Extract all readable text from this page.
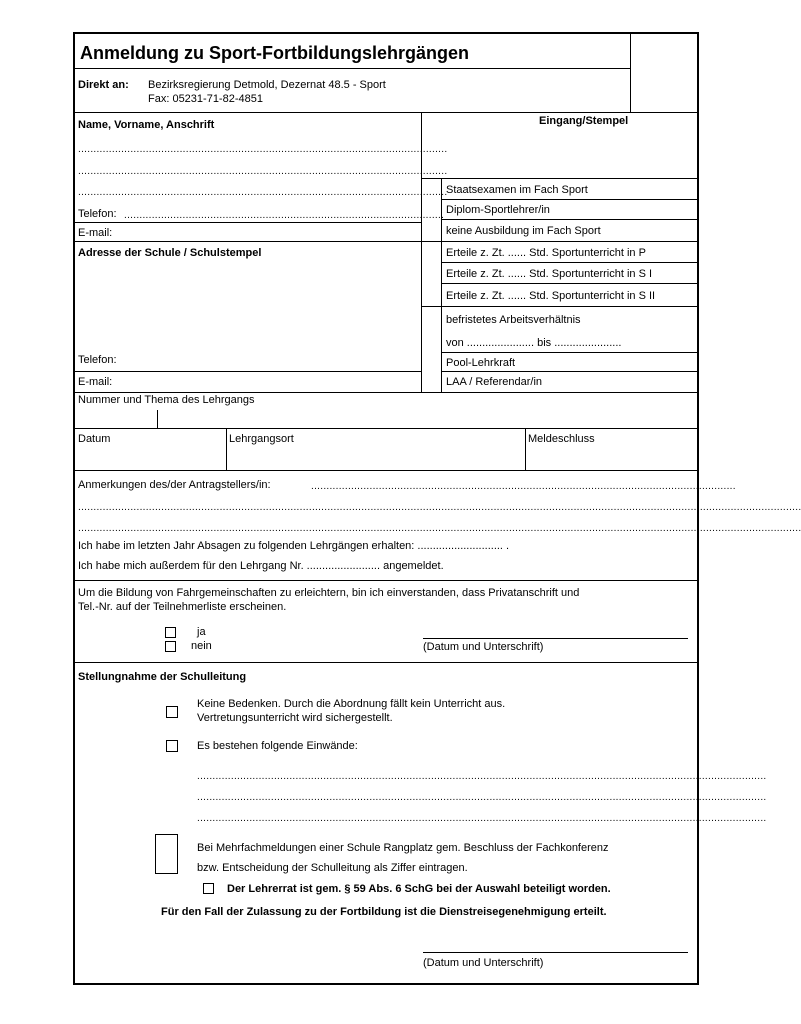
Anmeldung zu Sport-Fortbildungslehrgängen
Direkt an: Bezirksregierung Detmold, Dezernat 48.5 - Sport
Fax: 05231-71-82-4851
Name, Vorname, Anschrift	Eingang/Stempel
........................................................................................................................
........................................................................................................................
........................................................................................................................
Telefon: ........................................................................................................
E-mail:
Staatsexamen im Fach Sport
Diplom-Sportlehrer/in
keine Ausbildung im Fach Sport
Erteile z. Zt. ...... Std. Sportunterricht in P
Erteile z. Zt. ...... Std. Sportunterricht in S I
Erteile z. Zt. ...... Std. Sportunterricht in S II
befristetes Arbeitsverhältnis
von ...................... bis ......................
Pool-Lehrkraft
LAA / Referendar/in
Adresse der Schule / Schulstempel
Telefon:
E-mail:
Nummer und Thema des Lehrgangs
Datum	Lehrgangsort	Meldeschluss
Anmerkungen des/der Antragstellers/in:	..........................................................................................................................................
...........................................................................................................................................................................................................................................
...........................................................................................................................................................................................................................................
Ich habe im letzten Jahr Absagen zu folgenden Lehrgängen erhalten: ............................ .
Ich habe mich außerdem für den Lehrgang Nr. ........................ angemeldet.
Um die Bildung von Fahrgemeinschaften zu erleichtern, bin ich einverstanden, dass Privatanschrift und
Tel.-Nr. auf der Teilnehmerliste erscheinen.
ja
nein	(Datum und Unterschrift)
Stellungnahme der Schulleitung
Keine Bedenken. Durch die Abordnung fällt kein Unterricht aus.
Vertretungsunterricht wird sichergestellt.
Es bestehen folgende Einwände:
.........................................................................................................................................................................................
.........................................................................................................................................................................................
.........................................................................................................................................................................................
Bei Mehrfachmeldungen einer Schule Rangplatz gem. Beschluss der Fachkonferenz
bzw. Entscheidung der Schulleitung als Ziffer eintragen.
Der Lehrerrat ist gem. § 59 Abs. 6 SchG bei der Auswahl beteiligt worden.
Für den Fall der Zulassung zu der Fortbildung ist die Dienstreisegenehmigung erteilt.
(Datum und Unterschrift)
